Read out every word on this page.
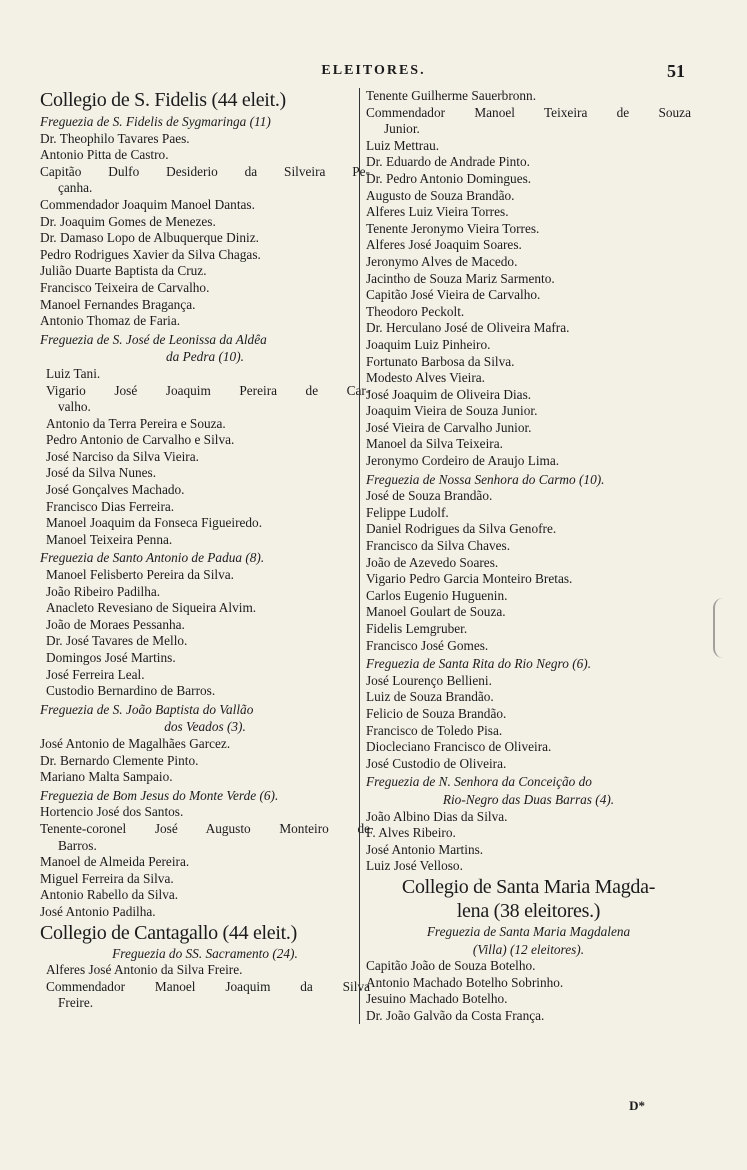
ELEITORES.	51
Collegio de S. Fidelis (44 eleit.)
Freguezia de S. Fidelis de Sygmaringa (11)
Dr. Theophilo Tavares Paes.
Antonio Pitta de Castro.
Capitão Dulfo Desiderio da Silveira Pe-
çanha.
Commendador Joaquim Manoel Dantas.
Dr. Joaquim Gomes de Menezes.
Dr. Damaso Lopo de Albuquerque Diniz.
Pedro Rodrigues Xavier da Silva Chagas.
Julião Duarte Baptista da Cruz.
Francisco Teixeira de Carvalho.
Manoel Fernandes Bragança.
Antonio Thomaz de Faria.
Freguezia de S. José de Leonissa da Aldêa
da Pedra (10).
Luiz Tani.
Vigario José Joaquim Pereira de Car-
valho.
Antonio da Terra Pereira e Souza.
Pedro Antonio de Carvalho e Silva.
José Narciso da Silva Vieira.
José da Silva Nunes.
José Gonçalves Machado.
Francisco Dias Ferreira.
Manoel Joaquim da Fonseca Figueiredo.
Manoel Teixeira Penna.
Freguezia de Santo Antonio de Padua (8).
Manoel Felisberto Pereira da Silva.
João Ribeiro Padilha.
Anacleto Revesiano de Siqueira Alvim.
João de Moraes Pessanha.
Dr. José Tavares de Mello.
Domingos José Martins.
José Ferreira Leal.
Custodio Bernardino de Barros.
Freguezia de S. João Baptista do Vallão
dos Veados (3).
José Antonio de Magalhães Garcez.
Dr. Bernardo Clemente Pinto.
Mariano Malta Sampaio.
Freguezia de Bom Jesus do Monte Verde (6).
Hortencio José dos Santos.
Tenente-coronel José Augusto Monteiro de
Barros.
Manoel de Almeida Pereira.
Miguel Ferreira da Silva.
Antonio Rabello da Silva.
José Antonio Padilha.
Collegio de Cantagallo (44 eleit.)
Freguezia do SS. Sacramento (24).
Alferes José Antonio da Silva Freire.
Commendador Manoel Joaquim da Silva
Freire.
Tenente Guilherme Sauerbronn.
Commendador Manoel Teixeira de Souza
Junior.
Luiz Mettrau.
Dr. Eduardo de Andrade Pinto.
Dr. Pedro Antonio Domingues.
Augusto de Souza Brandão.
Alferes Luiz Vieira Torres.
Tenente Jeronymo Vieira Torres.
Alferes José Joaquim Soares.
Jeronymo Alves de Macedo.
Jacintho de Souza Mariz Sarmento.
Capitão José Vieira de Carvalho.
Theodoro Peckolt.
Dr. Herculano José de Oliveira Mafra.
Joaquim Luiz Pinheiro.
Fortunato Barbosa da Silva.
Modesto Alves Vieira.
José Joaquim de Oliveira Dias.
Joaquim Vieira de Souza Junior.
José Vieira de Carvalho Junior.
Manoel da Silva Teixeira.
Jeronymo Cordeiro de Araujo Lima.
Freguezia de Nossa Senhora do Carmo (10).
José de Souza Brandão.
Felippe Ludolf.
Daniel Rodrigues da Silva Genofre.
Francisco da Silva Chaves.
João de Azevedo Soares.
Vigario Pedro Garcia Monteiro Bretas.
Carlos Eugenio Huguenin.
Manoel Goulart de Souza.
Fidelis Lemgruber.
Francisco José Gomes.
Freguezia de Santa Rita do Rio Negro (6).
José Lourenço Bellieni.
Luiz de Souza Brandão.
Felicio de Souza Brandão.
Francisco de Toledo Pisa.
Diocleciano Francisco de Oliveira.
José Custodio de Oliveira.
Freguezia de N. Senhora da Conceição do
Rio-Negro das Duas Barras (4).
João Albino Dias da Silva.
F. Alves Ribeiro.
José Antonio Martins.
Luiz José Velloso.
Collegio de Santa Maria Magda-
lena (38 eleitores.)
Freguezia de Santa Maria Magdalena
(Villa) (12 eleitores).
Capitão João de Souza Botelho.
Antonio Machado Botelho Sobrinho.
Jesuino Machado Botelho.
Dr. João Galvão da Costa França.
D*
